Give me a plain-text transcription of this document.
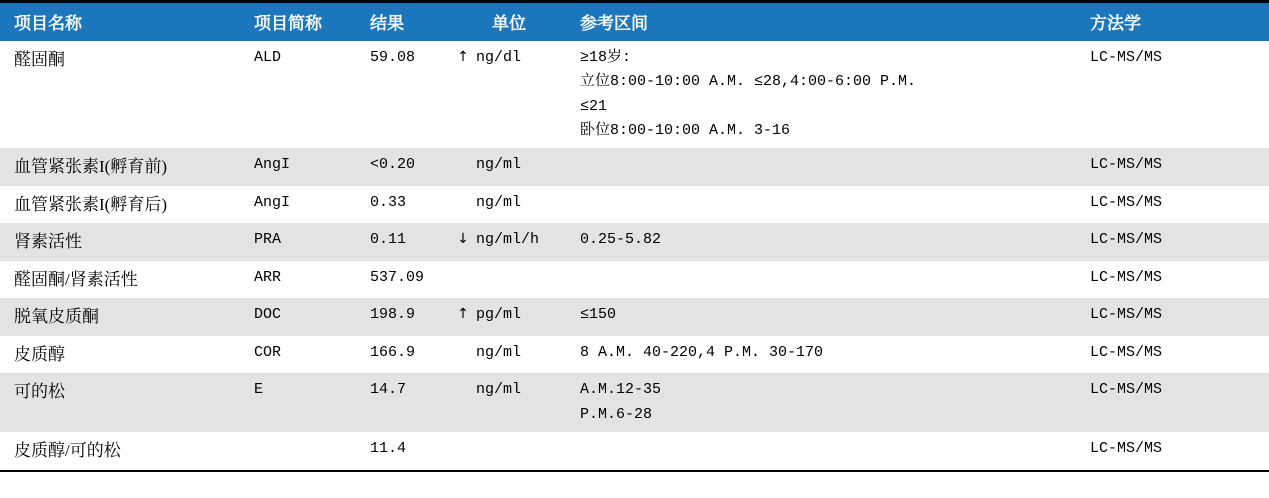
项目名称	项目简称	结果		单位	参考区间	方法学
醛固酮	ALD	59.08	↑	ng/dl	≥18岁:
立位8:00-10:00 A.M. ≤28,4:00-6:00 P.M.
≤21
卧位8:00-10:00 A.M. 3-16	LC-MS/MS
血管紧张素I(孵育前)	AngI	<0.20		ng/ml		LC-MS/MS
血管紧张素I(孵育后)	AngI	0.33		ng/ml		LC-MS/MS
肾素活性	PRA	0.11	↓	ng/ml/h	0.25-5.82	LC-MS/MS
醛固酮/肾素活性	ARR	537.09				LC-MS/MS
脱氧皮质酮	DOC	198.9	↑	pg/ml	≤150	LC-MS/MS
皮质醇	COR	166.9		ng/ml	8 A.M. 40-220,4 P.M. 30-170	LC-MS/MS
可的松	E	14.7		ng/ml	A.M.12-35
P.M.6-28	LC-MS/MS
皮质醇/可的松		11.4				LC-MS/MS
